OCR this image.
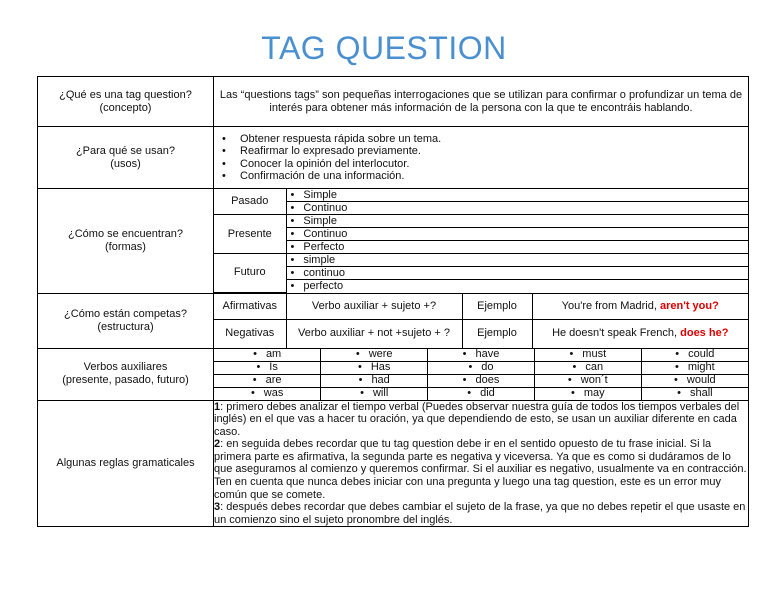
TAG QUESTION
¿Qué es una tag question?
(concepto)	Las “questions tags” son pequeñas interrogaciones que se utilizan para confirmar o profundizar un tema de interés para obtener más información de la persona con la que te encontráis hablando.
¿Para qué se usan?
(usos)	
• Obtener respuesta rápida sobre un tema.
• Reafirmar lo expresado previamente.
• Conocer la opinión del interlocutor.
• Confirmación de una información.

¿Cómo se encuentran?
(formas)	
Pasado	• Simple
• Continuo
Presente	• Simple
• Continuo
• Perfecto
Futuro	• simple
• continuo
• perfecto

¿Cómo están competas?
(estructura)	
Afirmativas	Verbo auxiliar + sujeto +?	Ejemplo	You're from Madrid, aren't you?
Negativas	Verbo auxiliar + not +sujeto + ?	Ejemplo	He doesn't speak French, does he?

Verbos auxiliares
(presente, pasado, futuro)	
• am	•were	•have	•must	•could
• Is	•Has	•do	•can	•might
• are	•had	•does	•won´t	•would
• was	•will	•did	•may	•shall

Algunas reglas gramaticales	
1: primero debes analizar el tiempo verbal (Puedes observar nuestra guía de todos los tiempos verbales del inglés) en el que vas a hacer tu oración, ya que dependiendo de esto, se usan un auxiliar diferente en cada caso.
2: en seguida debes recordar que tu tag question debe ir en el sentido opuesto de tu frase inicial. Si la primera parte es afirmativa, la segunda parte es negativa y viceversa. Ya que es como si dudáramos de lo que aseguramos al comienzo y queremos confirmar. Si el auxiliar es negativo, usualmente va en contracción. Ten en cuenta que nunca debes iniciar con una pregunta y luego una tag question, este es un error muy común que se comete.
3: después debes recordar que debes cambiar el sujeto de la frase, ya que no debes repetir el que usaste en un comienzo sino el sujeto pronombre del inglés.
